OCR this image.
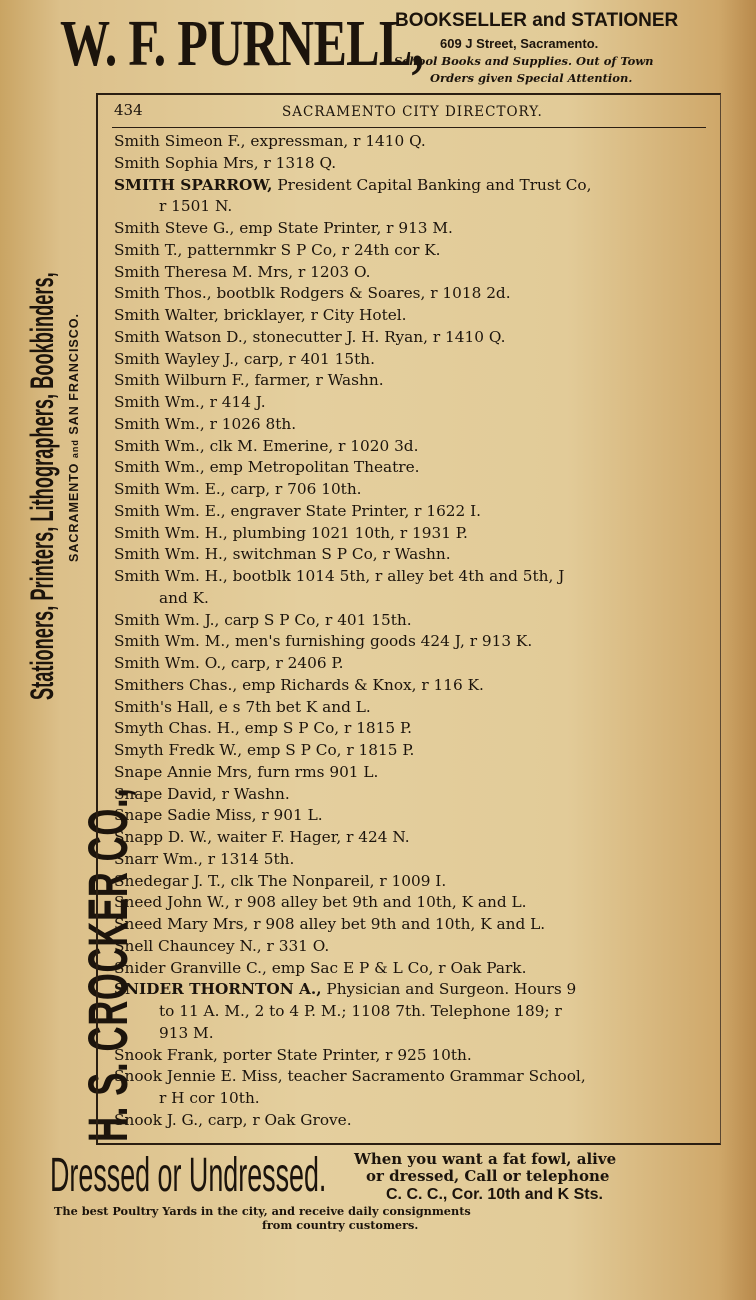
W. F. PURNELL,
BOOKSELLER and STATIONER
609 J Street, Sacramento.
School Books and Supplies. Out of Town
Orders given Special Attention.
H. S. CROCKER CO.,
Stationers, Printers, Lithographers, Bookbinders, SACRAMENTO and SAN FRANCISCO.
434	SACRAMENTO CITY DIRECTORY.
Smith Simeon F., expressman, r 1410 Q.
Smith Sophia Mrs, r 1318 Q.
SMITH SPARROW, President Capital Banking and Trust Co,
r 1501 N.
Smith Steve G., emp State Printer, r 913 M.
Smith T., patternmkr S P Co, r 24th cor K.
Smith Theresa M. Mrs, r 1203 O.
Smith Thos., bootblk Rodgers & Soares, r 1018 2d.
Smith Walter, bricklayer, r City Hotel.
Smith Watson D., stonecutter J. H. Ryan, r 1410 Q.
Smith Wayley J., carp, r 401 15th.
Smith Wilburn F., farmer, r Washn.
Smith Wm., r 414 J.
Smith Wm., r 1026 8th.
Smith Wm., clk M. Emerine, r 1020 3d.
Smith Wm., emp Metropolitan Theatre.
Smith Wm. E., carp, r 706 10th.
Smith Wm. E., engraver State Printer, r 1622 I.
Smith Wm. H., plumbing 1021 10th, r 1931 P.
Smith Wm. H., switchman S P Co, r Washn.
Smith Wm. H., bootblk 1014 5th, r alley bet 4th and 5th, J
and K.
Smith Wm. J., carp S P Co, r 401 15th.
Smith Wm. M., men's furnishing goods 424 J, r 913 K.
Smith Wm. O., carp, r 2406 P.
Smithers Chas., emp Richards & Knox, r 116 K.
Smith's Hall, e s 7th bet K and L.
Smyth Chas. H., emp S P Co, r 1815 P.
Smyth Fredk W., emp S P Co, r 1815 P.
Snape Annie Mrs, furn rms 901 L.
Snape David, r Washn.
Snape Sadie Miss, r 901 L.
Snapp D. W., waiter F. Hager, r 424 N.
Snarr Wm., r 1314 5th.
Snedegar J. T., clk The Nonpareil, r 1009 I.
Sneed John W., r 908 alley bet 9th and 10th, K and L.
Sneed Mary Mrs, r 908 alley bet 9th and 10th, K and L.
Snell Chauncey N., r 331 O.
Snider Granville C., emp Sac E P & L Co, r Oak Park.
SNIDER THORNTON A., Physician and Surgeon. Hours 9
to 11 A. M., 2 to 4 P. M.; 1108 7th. Telephone 189; r
913 M.
Snook Frank, porter State Printer, r 925 10th.
Snook Jennie E. Miss, teacher Sacramento Grammar School,
r H cor 10th.
Snook J. G., carp, r Oak Grove.
Dressed or Undressed.	When you want a fat fowl, alive
or dressed, Call or telephone
C. C. C., Cor. 10th and K Sts.
The best Poultry Yards in the city, and receive daily consignments
from country customers.
